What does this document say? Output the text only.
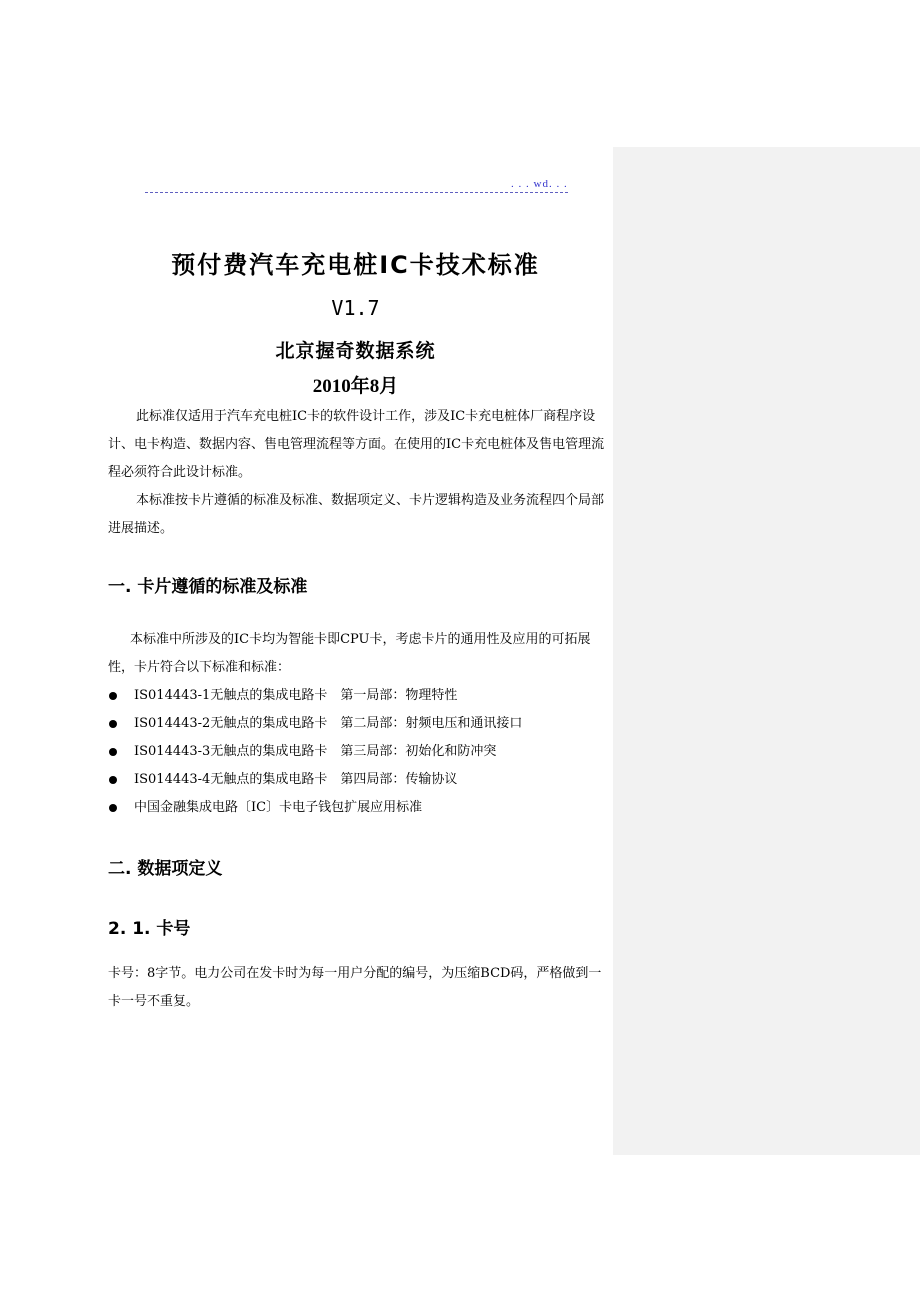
. . . wd. . .
预付费汽车充电桩IC卡技术标准
V1.7
北京握奇数据系统
2010年8月

此标准仅适用于汽车充电桩IC卡的软件设计工作，涉及IC卡充电桩体厂商程序设计、电卡构造、数据内容、售电管理流程等方面。在使用的IC卡充电桩体及售电管理流程必须符合此设计标准。

本标准按卡片遵循的标准及标准、数据项定义、卡片逻辑构造及业务流程四个局部进展描述。

一. 卡片遵循的标准及标准

本标准中所涉及的IC卡均为智能卡即CPU卡，考虑卡片的通用性及应用的可拓展性，卡片符合以下标准和标准：

IS014443-1无触点的集成电路卡　第一局部：物理特性
IS014443-2无触点的集成电路卡　第二局部：射频电压和通讯接口
IS014443-3无触点的集成电路卡　第三局部：初始化和防冲突
IS014443-4无触点的集成电路卡　第四局部：传输协议
中国金融集成电路〔IC〕卡电子钱包扩展应用标准
二. 数据项定义
2. 1. 卡号

卡号：8字节。电力公司在发卡时为每一用户分配的编号，为压缩BCD码，严格做到一卡一号不重复。
